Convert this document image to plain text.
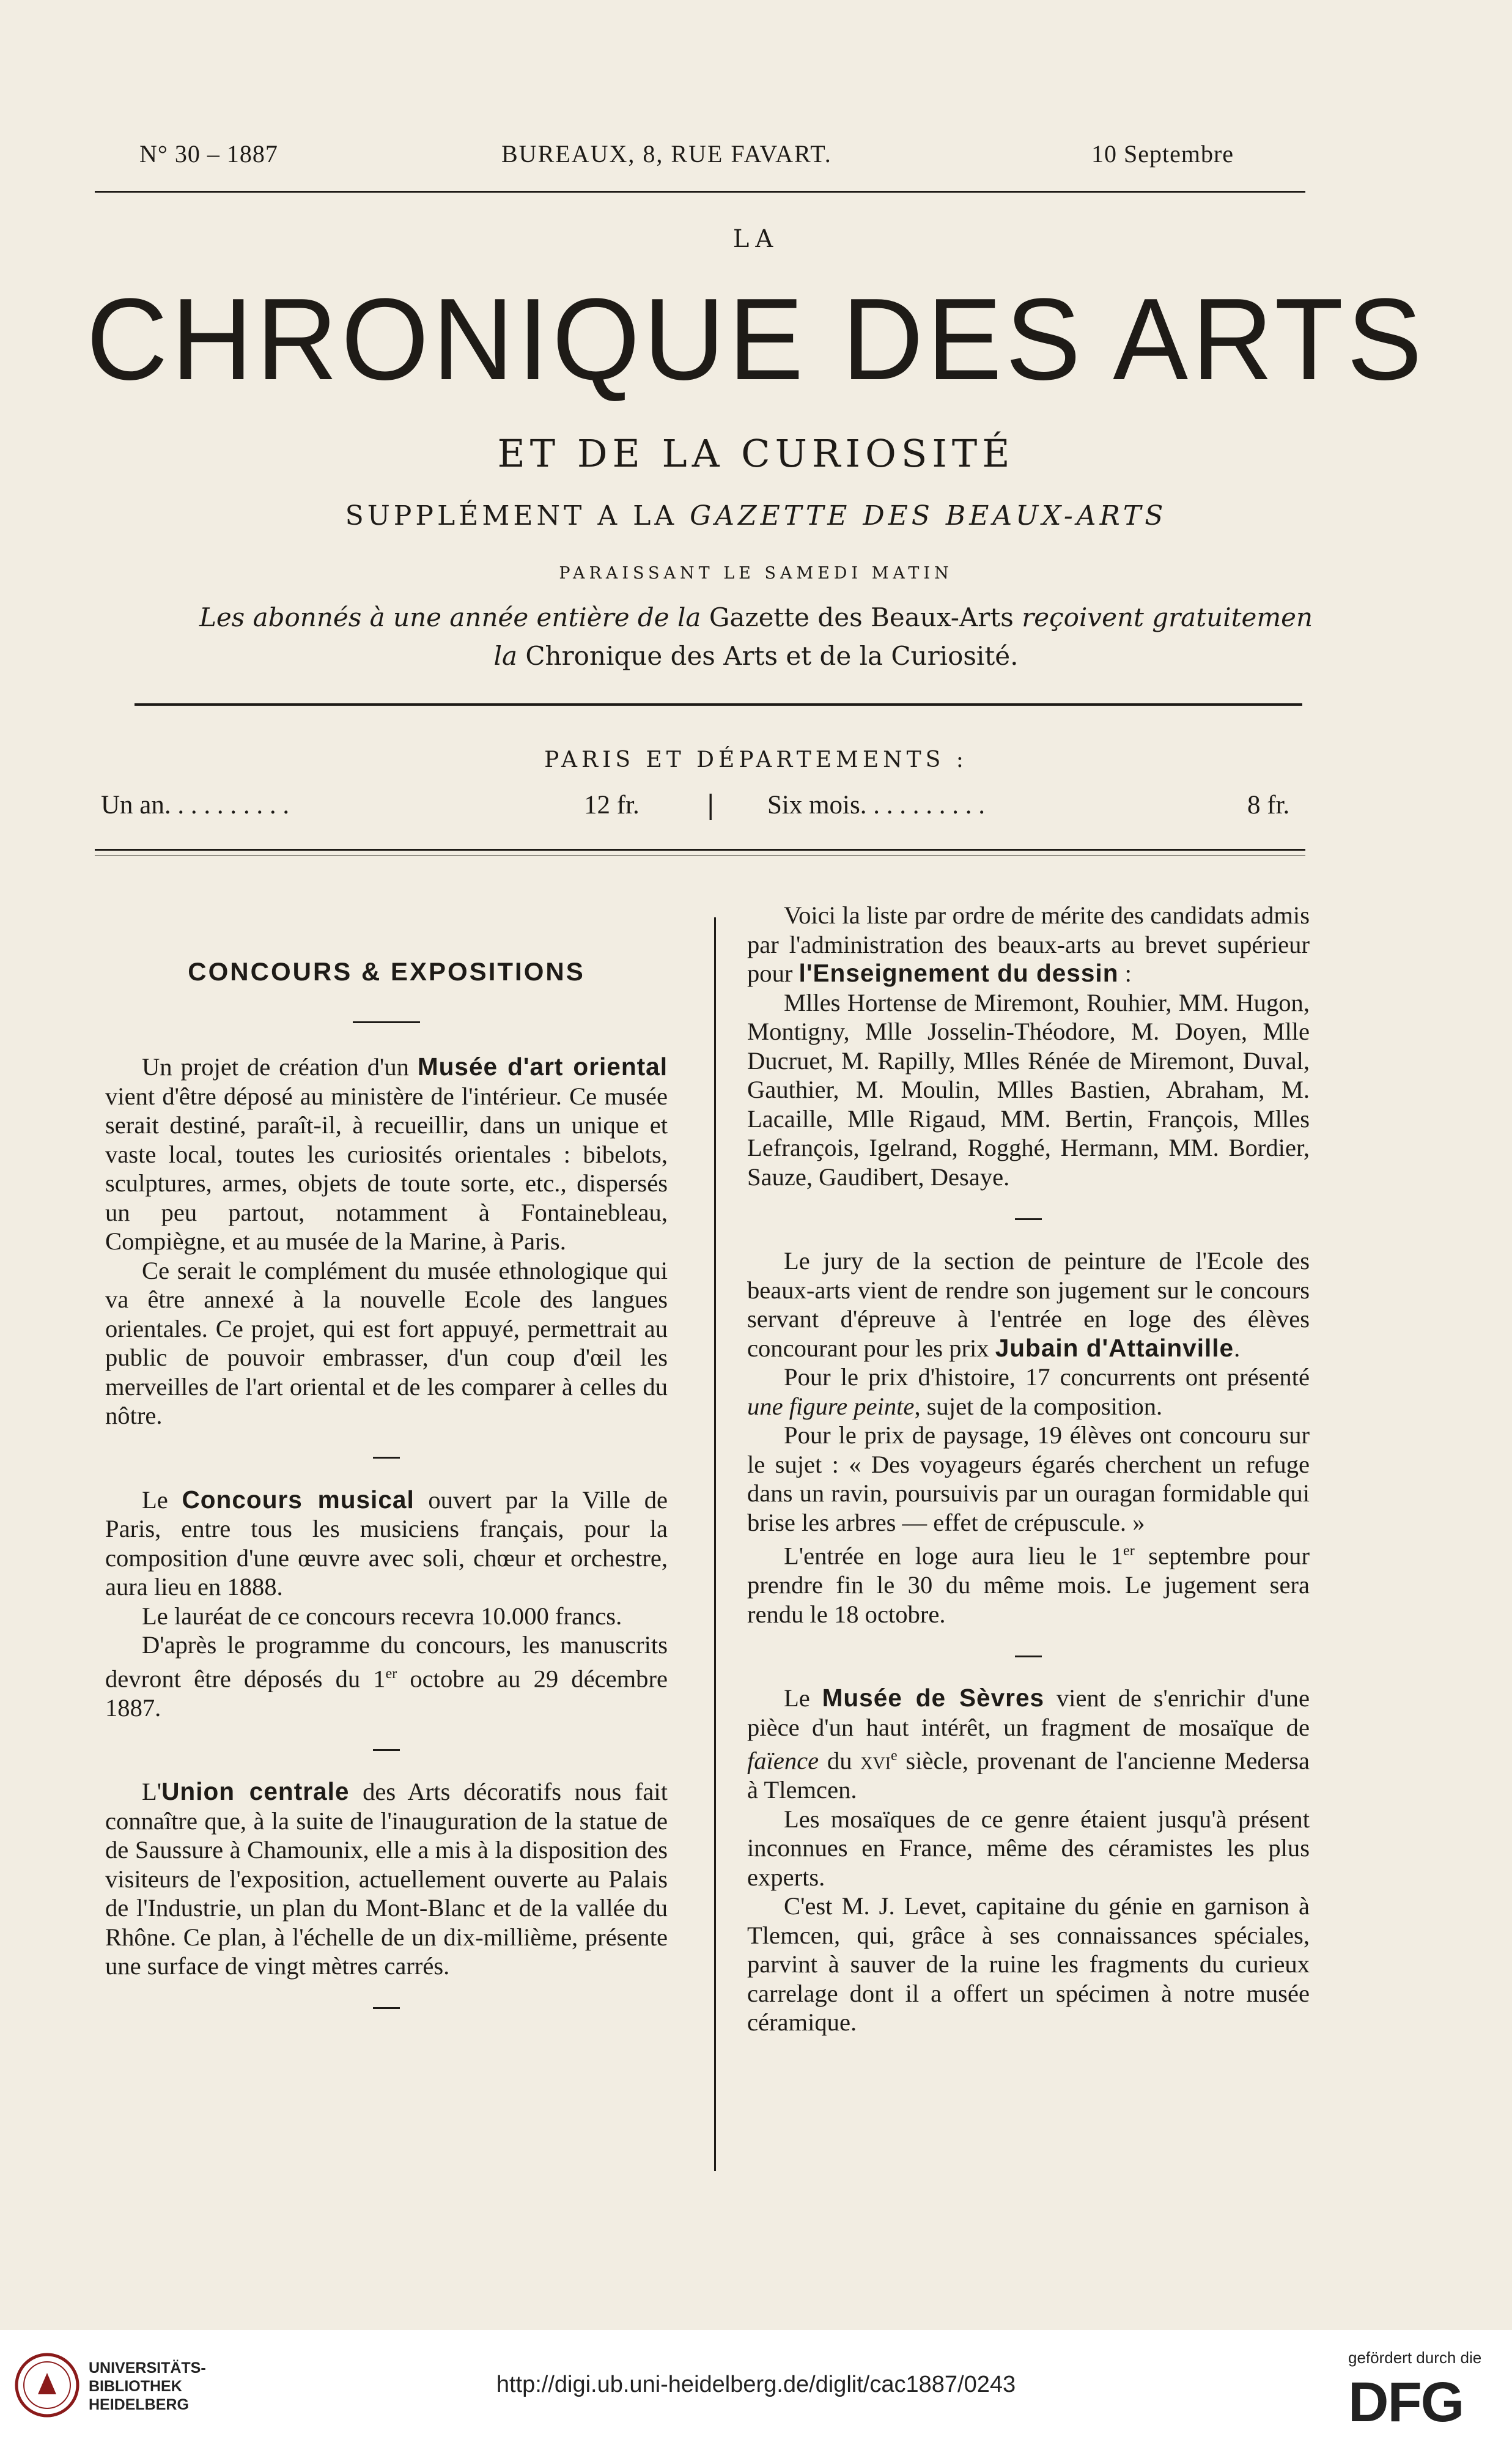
N° 30 – 1887	BUREAUX, 8, RUE FAVART.	10 Septembre
LA
CHRONIQUE DES ARTS
ET DE LA CURIOSITÉ
SUPPLÉMENT A LA GAZETTE DES BEAUX-ARTS
PARAISSANT LE SAMEDI MATIN
Les abonnés à une année entière de la Gazette des Beaux-Arts reçoivent gratuitemen
la Chronique des Arts et de la Curiosité.
PARIS ET DÉPARTEMENTS :
Un an. . . . . . . . . .	12 fr.	| Six mois. . . . . . . . . .	8 fr.
CONCOURS & EXPOSITIONS

Un projet de création d'un Musée d'art oriental vient d'être déposé au ministère de l'intérieur. Ce musée serait destiné, paraît-il, à recueillir, dans un unique et vaste local, toutes les curiosités orientales : bibelots, sculptures, armes, objets de toute sorte, etc., dispersés un peu partout, notamment à Fontainebleau, Compiègne, et au musée de la Marine, à Paris.

Ce serait le complément du musée ethnologique qui va être annexé à la nouvelle Ecole des langues orientales. Ce projet, qui est fort appuyé, permettrait au public de pouvoir embrasser, d'un coup d'œil les merveilles de l'art oriental et de les comparer à celles du nôtre.

Le Concours musical ouvert par la Ville de Paris, entre tous les musiciens français, pour la composition d'une œuvre avec soli, chœur et orchestre, aura lieu en 1888.

Le lauréat de ce concours recevra 10.000 francs.

D'après le programme du concours, les manuscrits devront être déposés du 1er octobre au 29 décembre 1887.

L'Union centrale des Arts décoratifs nous fait connaître que, à la suite de l'inauguration de la statue de de Saussure à Chamounix, elle a mis à la disposition des visiteurs de l'exposition, actuellement ouverte au Palais de l'Industrie, un plan du Mont-Blanc et de la vallée du Rhône. Ce plan, à l'échelle de un dix-millième, présente une surface de vingt mètres carrés.

Voici la liste par ordre de mérite des candidats admis par l'administration des beaux-arts au brevet supérieur pour l'Enseignement du dessin :

Mlles Hortense de Miremont, Rouhier, MM. Hugon, Montigny, Mlle Josselin-Théodore, M. Doyen, Mlle Ducruet, M. Rapilly, Mlles Rénée de Miremont, Duval, Gauthier, M. Moulin, Mlles Bastien, Abraham, M. Lacaille, Mlle Rigaud, MM. Bertin, François, Mlles Lefrançois, Igelrand, Rogghé, Hermann, MM. Bordier, Sauze, Gaudibert, Desaye.

Le jury de la section de peinture de l'Ecole des beaux-arts vient de rendre son jugement sur le concours servant d'épreuve à l'entrée en loge des élèves concourant pour les prix Jubain d'Attainville.

Pour le prix d'histoire, 17 concurrents ont présenté une figure peinte, sujet de la composition.

Pour le prix de paysage, 19 élèves ont concouru sur le sujet : « Des voyageurs égarés cherchent un refuge dans un ravin, poursuivis par un ouragan formidable qui brise les arbres — effet de crépuscule. »

L'entrée en loge aura lieu le 1er septembre pour prendre fin le 30 du même mois. Le jugement sera rendu le 18 octobre.

Le Musée de Sèvres vient de s'enrichir d'une pièce d'un haut intérêt, un fragment de mosaïque de faïence du xvi$^e$ siècle, provenant de l'ancienne Medersa à Tlemcen.

Les mosaïques de ce genre étaient jusqu'à présent inconnues en France, même des céramistes les plus experts.

C'est M. J. Levet, capitaine du génie en garnison à Tlemcen, qui, grâce à ses connaissances spéciales, parvint à sauver de la ruine les fragments du curieux carrelage dont il a offert un spécimen à notre musée céramique.

UNIVERSITÄTS-
BIBLIOTHEK
HEIDELBERG
http://digi.ub.uni-heidelberg.de/diglit/cac1887/0243
gefördert durch die
DFG
